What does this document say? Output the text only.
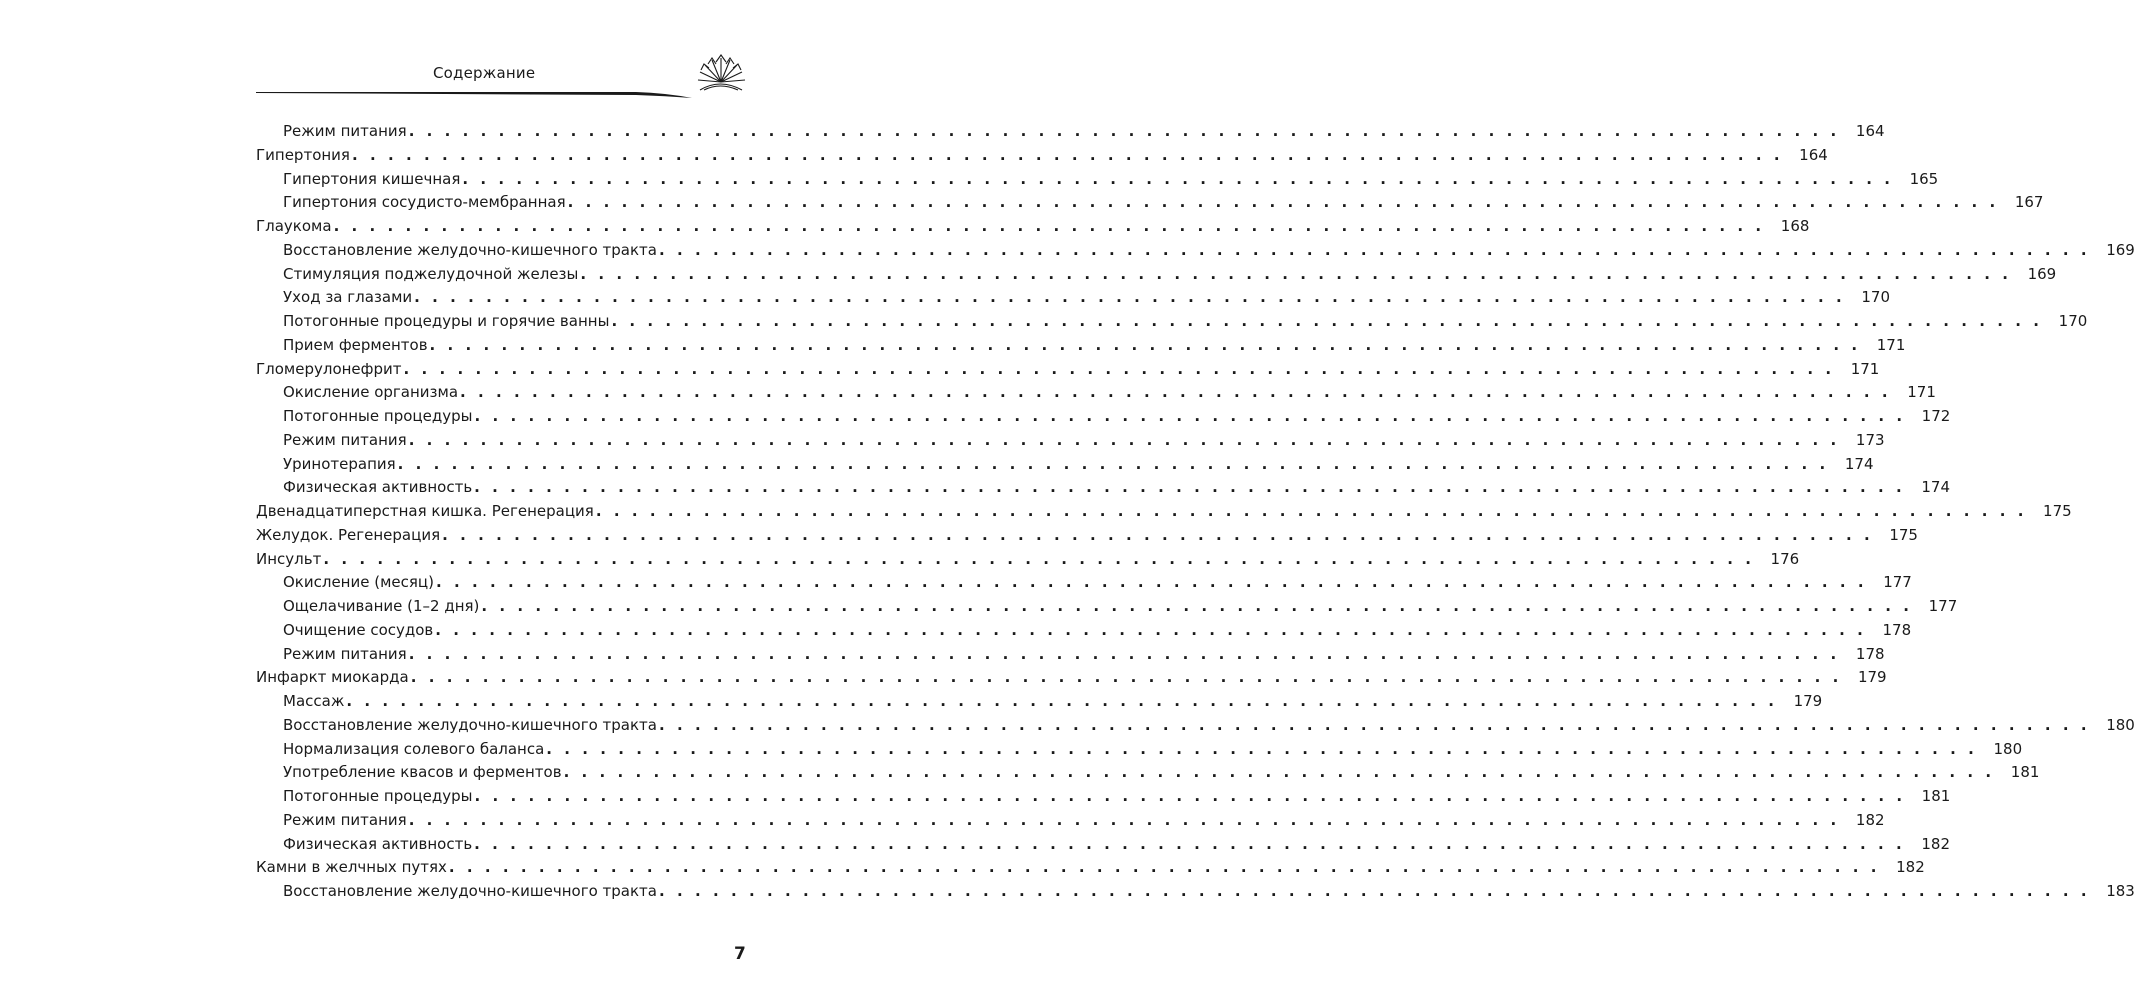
Содержание
Режим питания ................................................................................ 164
Гипертония ................................................................................ 164
Гипертония кишечная ................................................................................ 165
Гипертония сосудисто-мембранная ................................................................................ 167
Глаукома ................................................................................ 168
Восстановление желудочно-кишечного тракта ................................................................................ 169
Стимуляция поджелудочной железы ................................................................................ 169
Уход за глазами ................................................................................ 170
Потогонные процедуры и горячие ванны ................................................................................ 170
Прием ферментов ................................................................................ 171
Гломерулонефрит ................................................................................ 171
Окисление организма ................................................................................ 171
Потогонные процедуры ................................................................................ 172
Режим питания ................................................................................ 173
Уринотерапия ................................................................................ 174
Физическая активность ................................................................................ 174
Двенадцатиперстная кишка. Регенерация ................................................................................ 175
Желудок. Регенерация ................................................................................ 175
Инсульт ................................................................................ 176
Окисление (месяц) ................................................................................ 177
Ощелачивание (1–2 дня) ................................................................................ 177
Очищение сосудов ................................................................................ 178
Режим питания ................................................................................ 178
Инфаркт миокарда ................................................................................ 179
Массаж ................................................................................ 179
Восстановление желудочно-кишечного тракта ................................................................................ 180
Нормализация солевого баланса ................................................................................ 180
Употребление квасов и ферментов ................................................................................ 181
Потогонные процедуры ................................................................................ 181
Режим питания ................................................................................ 182
Физическая активность ................................................................................ 182
Камни в желчных путях ................................................................................ 182
Восстановление желудочно-кишечного тракта ................................................................................ 183
7
